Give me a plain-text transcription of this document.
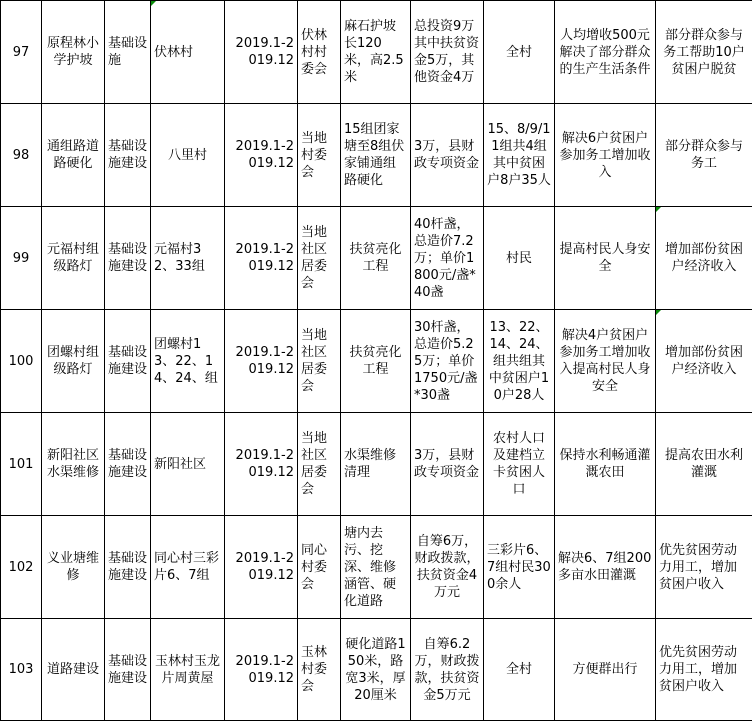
97	原程林小学护坡	基础设施	伏林村	2019.1-2019.12	伏林村村委会	麻石护坡长120米，高2.5米	总投资9万其中扶贫资金5万，其他资金4万	全村	人均增收500元解决了部分群众的生产生活条件	部分群众参与务工帮助10户贫困户脱贫
98	通组路道路硬化	基础设施建设	八里村	2019.1-2019.12	当地村委会	15组团家塘至8组伏家铺通组路硬化	3万，县财政专项资金	15、8/9/11组共4组其中贫困户8户35人	解决6户贫困户参加务工增加收入	部分群众参与务工
99	元福村组级路灯	基础设施建设	元福村32、33组	2019.1-2019.12	当地社区居委会	扶贫亮化工程	40杆盏，总造价7.2万；单价1800元/盏*40盏	村民	提高村民人身安全	增加部份贫困户经济收入
100	团螺村组级路灯	基础设施建设	团螺村13、22、14、24、组	2019.1-2019.12	当地社区居委会	扶贫亮化工程	30杆盏，总造价5.25万；单价1750元/盏*30盏	13、22、14、24、组共组其中贫困户10户28人	解决4户贫困户参加务工增加收入提高村民人身安全	增加部份贫困户经济收入
101	新阳社区水渠维修	基础设施建设	新阳社区	2019.1-2019.12	当地社区居委会	水渠维修清理	3万，县财政专项资金	农村人口及建档立卡贫困人口	保持水利畅通灌溉农田	提高农田水利灌溉
102	义业塘维修	基础设施建设	同心村三彩片6、7组	2019.1-2019.12	同心村委会	塘内去污、挖深、维修涵管、硬化道路	自筹6万，财政拨款，扶贫资金4万元	三彩片6、7组村民300余人	解决6、7组200多亩水田灌溉	优先贫困劳动力用工，增加贫困户收入
103	道路建设	基础设施建设	玉林村玉龙片周黄屋	2019.1-2019.12	玉林村委会	硬化道路150米，路宽3米，厚20厘米	自筹6.2万，财政拨款，扶贫资金5万元	全村	方便群出行	优先贫困劳动力用工，增加贫困户收入
